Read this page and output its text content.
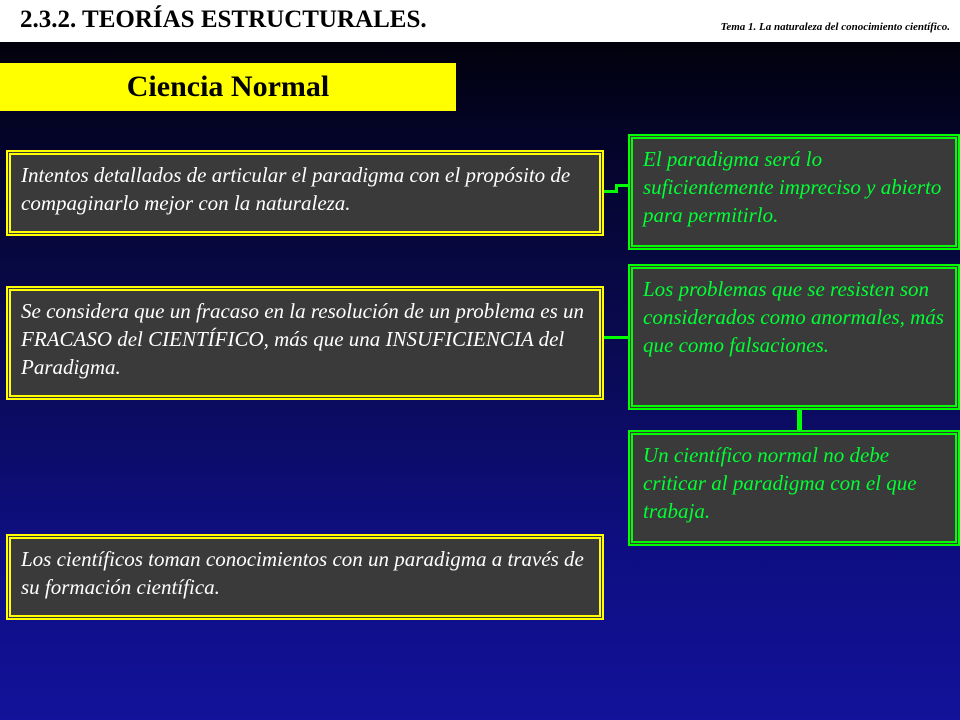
2.3.2. TEORÍAS ESTRUCTURALES.	Tema 1. La naturaleza del conocimiento científico.
Ciencia Normal
Intentos detallados de articular el paradigma con el propósito de compaginarlo mejor con la naturaleza.
Se considera que un fracaso en la resolución de un problema es un FRACASO del CIENTÍFICO, más que una INSUFICIENCIA del Paradigma.
Los científicos toman conocimientos con un paradigma a través de su formación científica.
El paradigma será lo suficientemente impreciso y abierto para permitirlo.
Los problemas que se resisten son considerados como anormales, más que como falsaciones.
Un científico normal no debe criticar al paradigma con el que trabaja.
